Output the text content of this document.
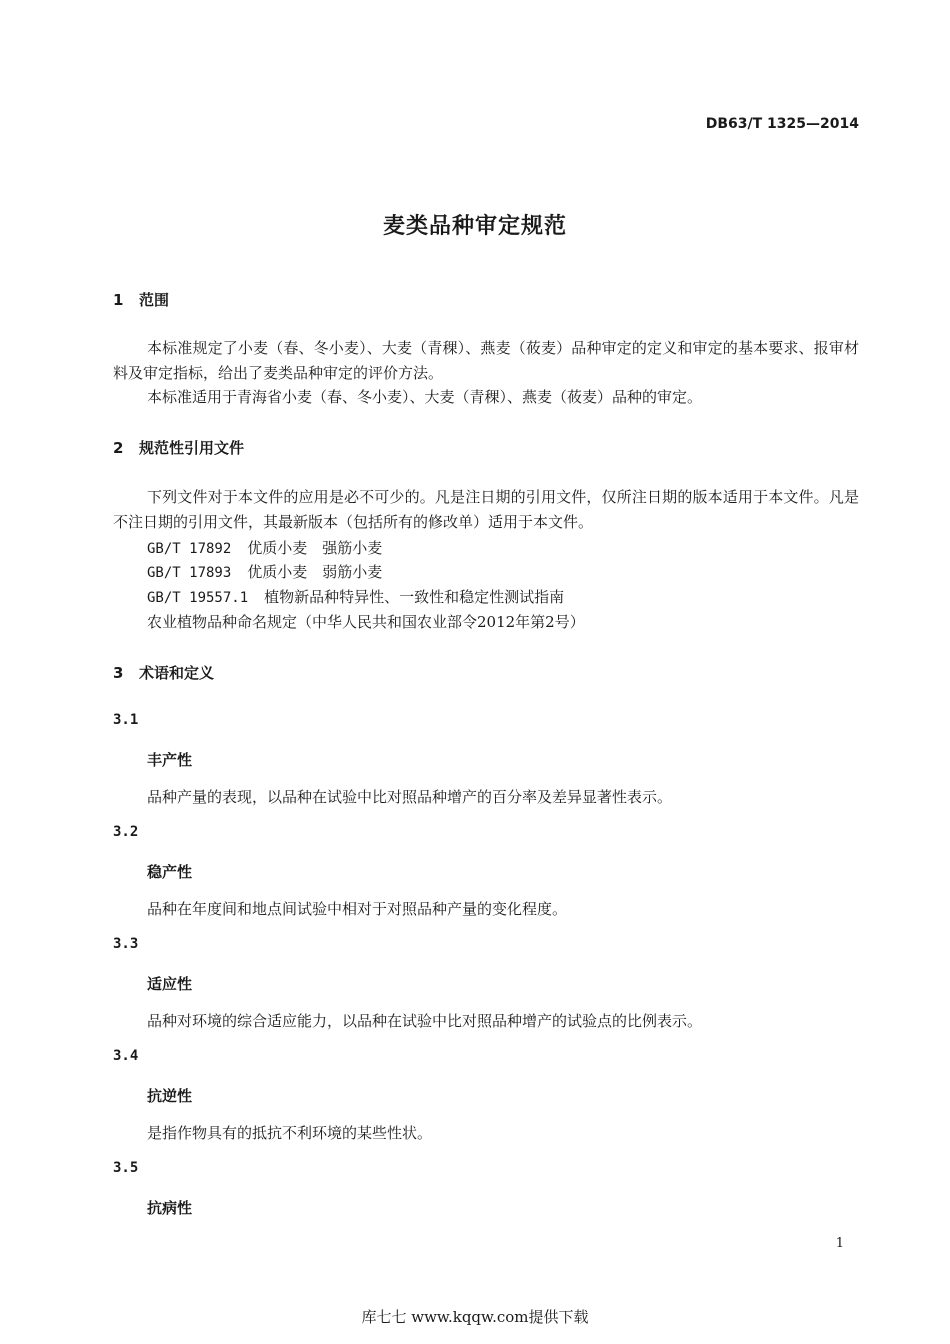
DB63/T 1325—2014
麦类品种审定规范
1 范围
本标准规定了小麦（春、冬小麦）、大麦（青稞）、燕麦（莜麦）品种审定的定义和审定的基本要求、报审材料及审定指标，给出了麦类品种审定的评价方法。
本标准适用于青海省小麦（春、冬小麦）、大麦（青稞）、燕麦（莜麦）品种的审定。
2 规范性引用文件
下列文件对于本文件的应用是必不可少的。凡是注日期的引用文件，仅所注日期的版本适用于本文件。凡是不注日期的引用文件，其最新版本（包括所有的修改单）适用于本文件。
GB/T 17892 优质小麦　强筋小麦
GB/T 17893 优质小麦　弱筋小麦
GB/T 19557.1 植物新品种特异性、一致性和稳定性测试指南
农业植物品种命名规定（中华人民共和国农业部令2012年第2号）
3 术语和定义
3.1
丰产性
品种产量的表现，以品种在试验中比对照品种增产的百分率及差异显著性表示。
3.2
稳产性
品种在年度间和地点间试验中相对于对照品种产量的变化程度。
3.3
适应性
品种对环境的综合适应能力，以品种在试验中比对照品种增产的试验点的比例表示。
3.4
抗逆性
是指作物具有的抵抗不利环境的某些性状。
3.5
抗病性
1
库七七 www.kqqw.com提供下载
